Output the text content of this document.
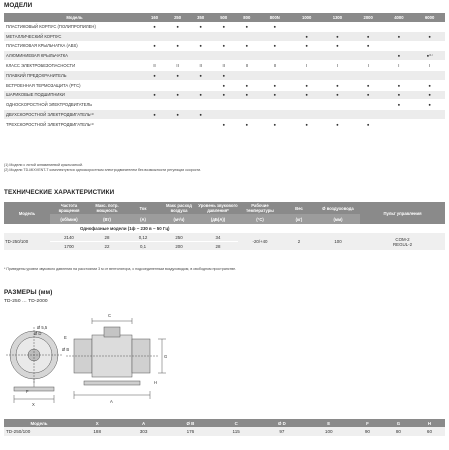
МОДЕЛИ
Модель	160	250	350	500	800	800N	1000	1300	2000	4000	6000
ПЛАСТИКОВЫЙ КОРПУС (ПОЛИПРОПИЛЕН)	●	●	●	●	●	●					
МЕТАЛЛИЧЕСКИЙ КОРПУС							●	●	●	●	●
ПЛАСТИКОВАЯ КРЫЛЬЧАТКА (ABS)	●	●	●	●	●	●	●	●	●		
АЛЮМИНИЕВАЯ КРЫЛЬЧАТКА										●	●⁽¹⁾
КЛАСС ЭЛЕКТРОБЕЗОПАСНОСТИ	II	II	II	II	II	II	I	I	I	I	I
ПЛАВКИЙ ПРЕДОХРАНИТЕЛЬ	●	●	●	●							
ВСТРОЕННАЯ ТЕРМОЗАЩИТА (PTC)				●	●	●	●	●	●	●	●
ШАРИКОВЫЕ ПОДШИПНИКИ	●	●	●	●	●	●	●	●	●	●	●
ОДНОСКОРОСТНОЙ ЭЛЕКТРОДВИГАТЕЛЬ										●	●
ДВУХСКОРОСТНОЙ ЭЛЕКТРОДВИГАТЕЛЬ⁽²⁾	●	●	●								
ТРЕХСКОРОСТНОЙ ЭЛЕКТРОДВИГАТЕЛЬ⁽²⁾				●	●	●	●	●	●		
(1) Модели с литой алюминиевой крыльчаткой.
(2) Модели TD-MIXVENT-T комплектуются односкоростным электродвигателем без возможности регуляции скорости.
ТЕХНИЧЕСКИЕ ХАРАКТЕРИСТИКИ
Модель	Частота вращения	Макс. потр. мощность	Ток	Макс расход воздуха	Уровень звукового давления*	Рабочие температуры	Вес	Ø воздуховода	Пульт управления
	(об/мин)	(Вт)	(А)	(м³/ч)	(дБ(А))	(°С)	(кг)	(мм)	
	Однофазные модели (1ф ~ 230 в ~ 50 Гц)								
TD-250/100	2140	28	0,12	250	34	-20/+40	2	100	COM-2
REGUL-2
	1700	22	0,1	200	28				
* Приведены уровни звукового давления на расстоянии 3 м от вентилятора, с подсоединенным воздуховодом, в свободном пространстве.
РАЗМЕРЫ (мм)
TD-250 … TD-2000
Ø 5,5
Ø D
Ø B
C
E
H
G
A
X
F
Модель	X	A	Ø B	C	Ø D	E	F	G	H
TD-250/100	188	303	176	115	97	100	90	80	60
